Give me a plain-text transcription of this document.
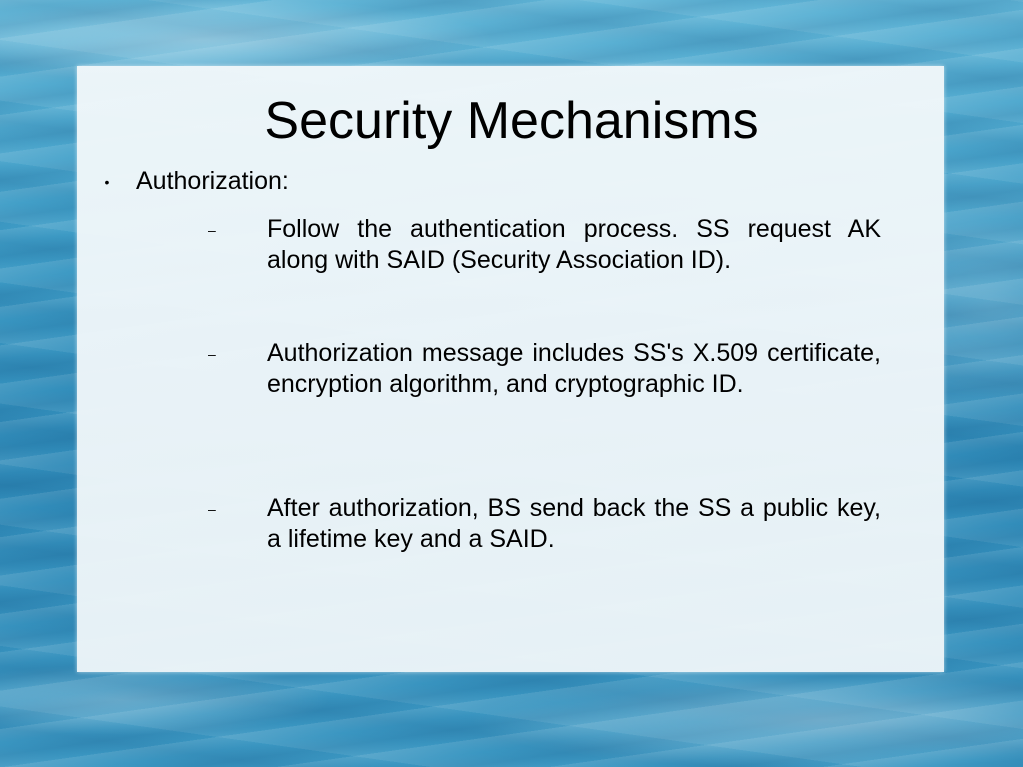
Security Mechanisms
• Authorization:
– Follow the authentication process. SS request AK along with SAID (Security Association ID).
– Authorization message includes SS's X.509 certificate, encryption algorithm, and cryptographic ID.
– After authorization, BS send back the SS a public key, a lifetime key and a SAID.
